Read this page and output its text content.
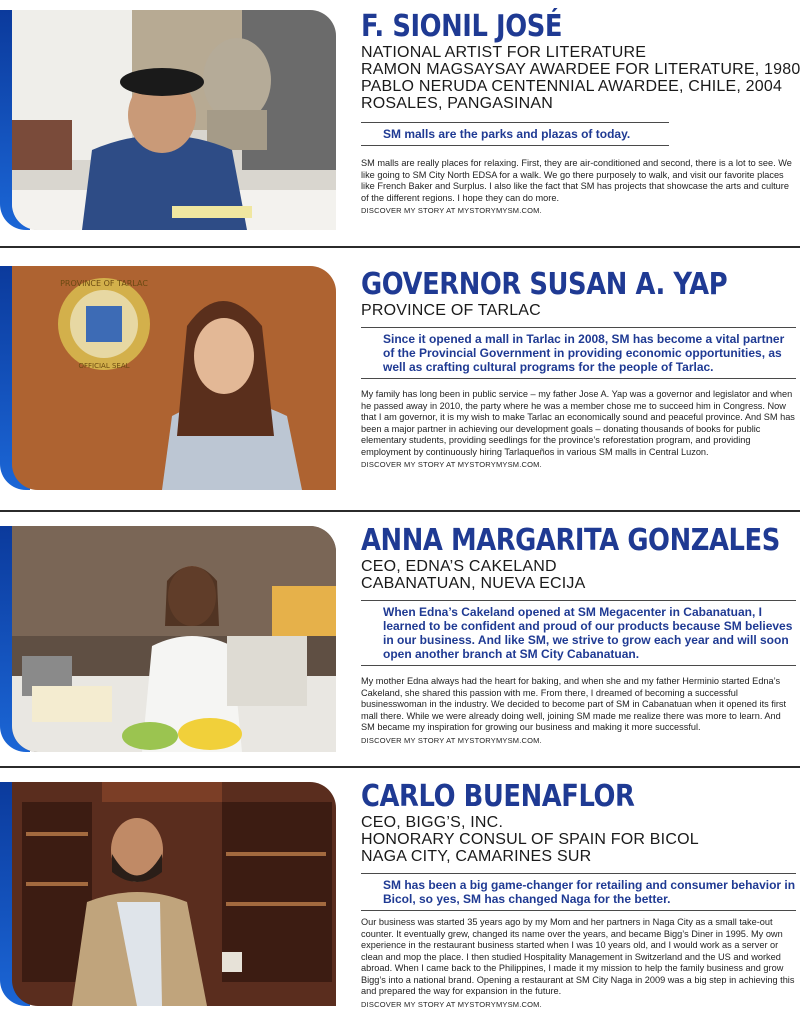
F. SIONIL JOSÉ
NATIONAL ARTIST FOR LITERATURE
RAMON MAGSAYSAY AWARDEE FOR LITERATURE, 1980
PABLO NERUDA CENTENNIAL AWARDEE, CHILE, 2004
ROSALES, PANGASINAN
SM malls are the parks and plazas of today.
SM malls are really places for relaxing. First, they are air-conditioned and second, there is a lot to see. We like going to SM City North EDSA for a walk. We go there purposely to walk, and visit our favorite places like French Baker and Surplus. I also like the fact that SM has projects that showcase the arts and culture of the different regions. I hope they can do more.
DISCOVER MY STORY AT MYSTORYMYSM.COM.
PROVINCE OF TARLAC
OFFICIAL SEAL
GOVERNOR SUSAN A. YAP
PROVINCE OF TARLAC
Since it opened a mall in Tarlac in 2008, SM has become a vital partner of the Provincial Government in providing economic opportunities, as well as crafting cultural programs for the people of Tarlac.
My family has long been in public service – my father Jose A. Yap was a governor and legislator and when he passed away in 2010, the party where he was a member chose me to succeed him in Congress. Now that I am governor, it is my wish to make Tarlac an economically sound and peaceful province. And SM has been a major partner in achieving our development goals – donating thousands of books for public elementary students, providing seedlings for the province’s reforestation program, and providing employment by continuously hiring Tarlaqueños in various SM malls in Central Luzon.
DISCOVER MY STORY AT MYSTORYMYSM.COM.
ANNA MARGARITA GONZALES
CEO, EDNA’S CAKELAND
CABANATUAN, NUEVA ECIJA
When Edna’s Cakeland opened at SM Megacenter in Cabanatuan, I learned to be confident and proud of our products because SM believes in our business. And like SM, we strive to grow each year and will soon open another branch at SM City Cabanatuan.
My mother Edna always had the heart for baking, and when she and my father Herminio started Edna’s Cakeland, she shared this passion with me. From there, I dreamed of becoming a successful businesswoman in the industry. We decided to become part of SM in Cabanatuan when it opened its first mall there. While we were already doing well, joining SM made me realize there was more to learn. And SM became my inspiration for growing our business and making it more successful.
DISCOVER MY STORY AT MYSTORYMYSM.COM.
CARLO BUENAFLOR
CEO, BIGG’S, INC.
HONORARY CONSUL OF SPAIN FOR BICOL
NAGA CITY, CAMARINES SUR
SM has been a big game-changer for retailing and consumer behavior in Bicol, so yes, SM has changed Naga for the better.
Our business was started 35 years ago by my Mom and her partners in Naga City as a small take-out counter. It eventually grew, changed its name over the years, and became Bigg’s Diner in 1995. My own experience in the restaurant business started when I was 10 years old, and I would work as a server or clean and mop the place. I then studied Hospitality Management in Switzerland and the US and worked abroad. When I came back to the Philippines, I made it my mission to help the family business and grow Bigg’s into a national brand. Opening a restaurant at SM City Naga in 2009 was a big step in achieving this and prepared the way for expansion in the future.
DISCOVER MY STORY AT MYSTORYMYSM.COM.
